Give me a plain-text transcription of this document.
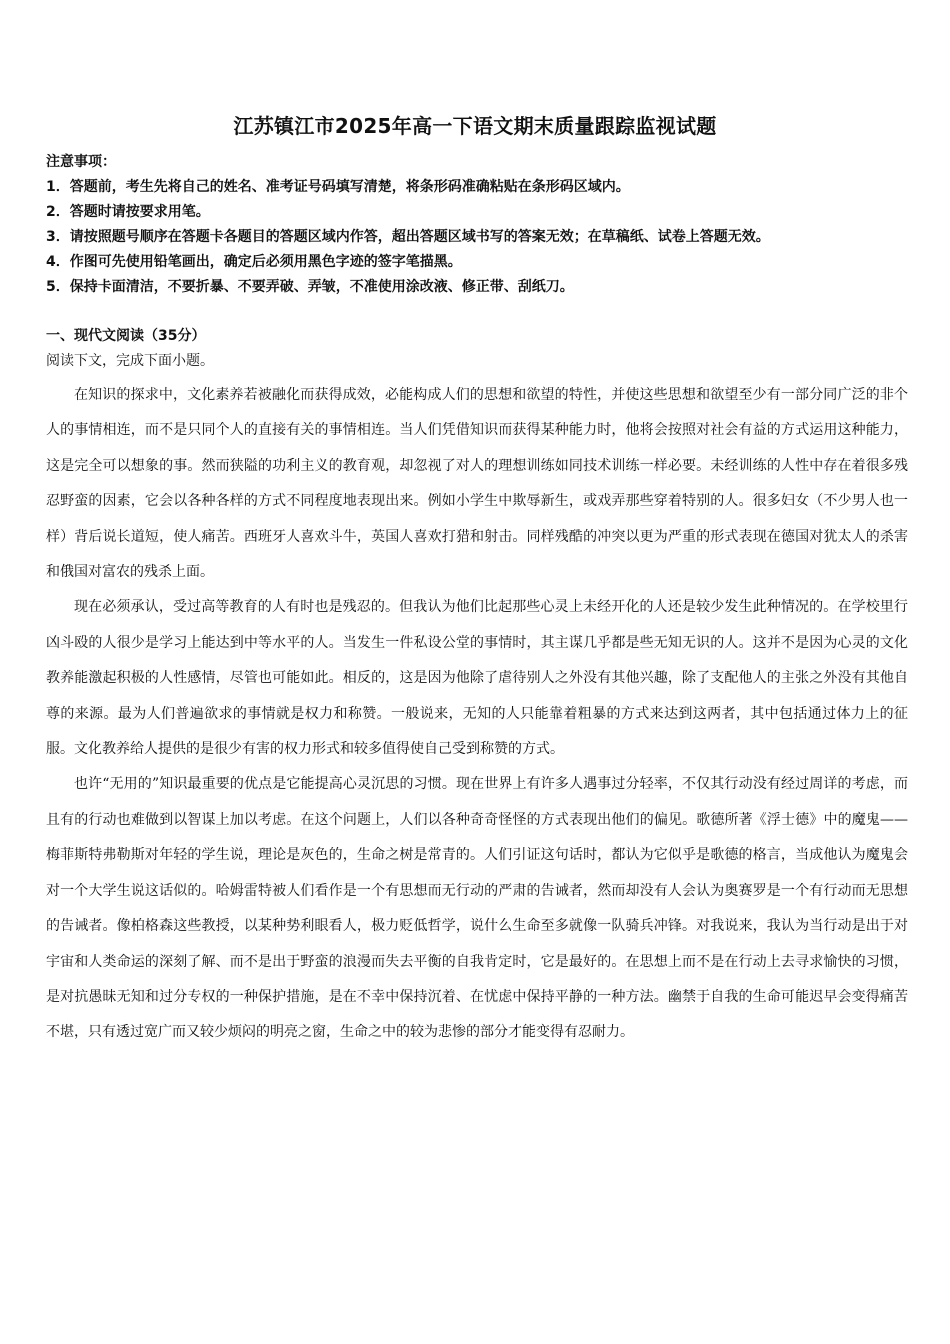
江苏镇江市2025年高一下语文期末质量跟踪监视试题
注意事项：
1．答题前，考生先将自己的姓名、准考证号码填写清楚，将条形码准确粘贴在条形码区域内。
2．答题时请按要求用笔。
3．请按照题号顺序在答题卡各题目的答题区域内作答，超出答题区域书写的答案无效；在草稿纸、试卷上答题无效。
4．作图可先使用铅笔画出，确定后必须用黑色字迹的签字笔描黑。
5．保持卡面清洁，不要折暴、不要弄破、弄皱，不准使用涂改液、修正带、刮纸刀。
一、现代文阅读（35分）
阅读下文，完成下面小题。

在知识的探求中，文化素养若被融化而获得成效，必能构成人们的思想和欲望的特性，并使这些思想和欲望至少有一部分同广泛的非个人的事情相连，而不是只同个人的直接有关的事情相连。当人们凭借知识而获得某种能力时，他将会按照对社会有益的方式运用这种能力，这是完全可以想象的事。然而狭隘的功利主义的教育观，却忽视了对人的理想训练如同技术训练一样必要。未经训练的人性中存在着很多残忍野蛮的因素，它会以各种各样的方式不同程度地表现出来。例如小学生中欺辱新生，或戏弄那些穿着特别的人。很多妇女（不少男人也一样）背后说长道短，使人痛苦。西班牙人喜欢斗牛，英国人喜欢打猎和射击。同样残酷的冲突以更为严重的形式表现在德国对犹太人的杀害和俄国对富农的残杀上面。

现在必须承认，受过高等教育的人有时也是残忍的。但我认为他们比起那些心灵上未经开化的人还是较少发生此种情况的。在学校里行凶斗殴的人很少是学习上能达到中等水平的人。当发生一件私设公堂的事情时，其主谋几乎都是些无知无识的人。这并不是因为心灵的文化教养能激起积极的人性感情，尽管也可能如此。相反的，这是因为他除了虐待别人之外没有其他兴趣，除了支配他人的主张之外没有其他自尊的来源。最为人们普遍欲求的事情就是权力和称赞。一般说来，无知的人只能靠着粗暴的方式来达到这两者，其中包括通过体力上的征服。文化教养给人提供的是很少有害的权力形式和较多值得使自己受到称赞的方式。

也许“无用的”知识最重要的优点是它能提高心灵沉思的习惯。现在世界上有许多人遇事过分轻率，不仅其行动没有经过周详的考虑，而且有的行动也难做到以智谋上加以考虑。在这个问题上，人们以各种奇奇怪怪的方式表现出他们的偏见。歌德所著《浮士德》中的魔鬼——梅菲斯特弗勒斯对年轻的学生说，理论是灰色的，生命之树是常青的。人们引证这句话时，都认为它似乎是歌德的格言，当成他认为魔鬼会对一个大学生说这话似的。哈姆雷特被人们看作是一个有思想而无行动的严肃的告诫者，然而却没有人会认为奥赛罗是一个有行动而无思想的告诫者。像柏格森这些教授，以某种势利眼看人，极力贬低哲学，说什么生命至多就像一队骑兵冲锋。对我说来，我认为当行动是出于对宇宙和人类命运的深刻了解、而不是出于野蛮的浪漫而失去平衡的自我肯定时，它是最好的。在思想上而不是在行动上去寻求愉快的习惯，是对抗愚昧无知和过分专权的一种保护措施，是在不幸中保持沉着、在忧虑中保持平静的一种方法。幽禁于自我的生命可能迟早会变得痛苦不堪，只有透过宽广而又较少烦闷的明亮之窗，生命之中的较为悲惨的部分才能变得有忍耐力。
